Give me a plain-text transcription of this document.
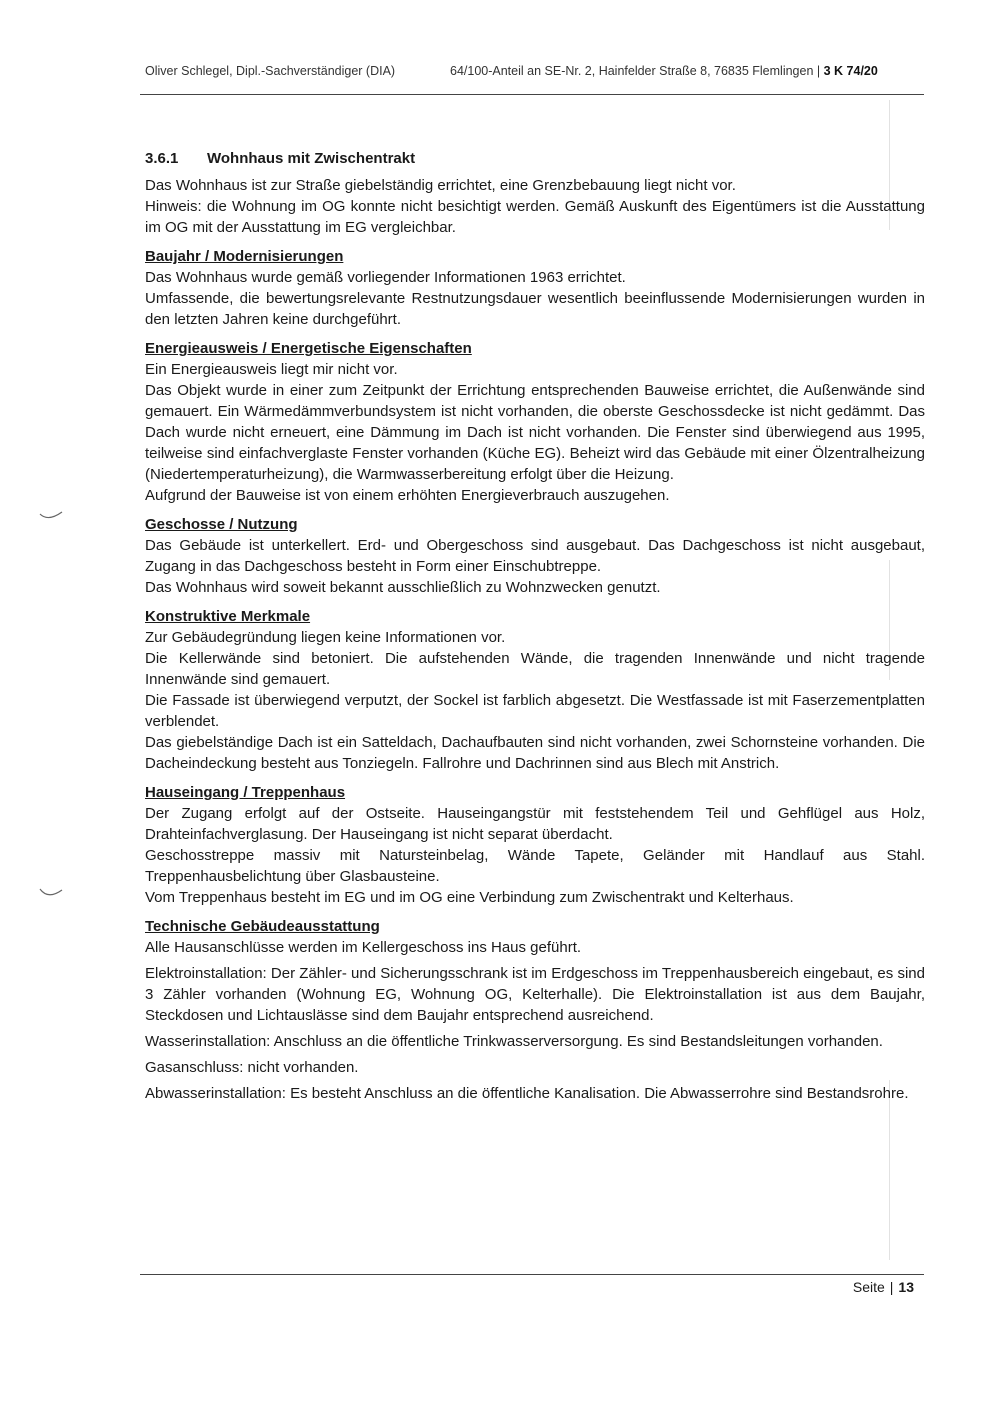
Oliver Schlegel, Dipl.-Sachverständiger (DIA)	64/100-Anteil an SE-Nr. 2, Hainfelder Straße 8, 76835 Flemlingen | 3 K 74/20
3.6.1 Wohnhaus mit Zwischentrakt

Das Wohnhaus ist zur Straße giebelständig errichtet, eine Grenzbebauung liegt nicht vor.

Hinweis: die Wohnung im OG konnte nicht besichtigt werden. Gemäß Auskunft des Eigentümers ist die Ausstattung im OG mit der Ausstattung im EG vergleichbar.

Baujahr / Modernisierungen

Das Wohnhaus wurde gemäß vorliegender Informationen 1963 errichtet.

Umfassende, die bewertungsrelevante Restnutzungsdauer wesentlich beeinflussende Modernisierungen wurden in den letzten Jahren keine durchgeführt.

Energieausweis / Energetische Eigenschaften

Ein Energieausweis liegt mir nicht vor.

Das Objekt wurde in einer zum Zeitpunkt der Errichtung entsprechenden Bauweise errichtet, die Außenwände sind gemauert. Ein Wärmedämmverbundsystem ist nicht vorhanden, die oberste Geschossdecke ist nicht gedämmt. Das Dach wurde nicht erneuert, eine Dämmung im Dach ist nicht vorhanden. Die Fenster sind überwiegend aus 1995, teilweise sind einfachverglaste Fenster vorhanden (Küche EG). Beheizt wird das Gebäude mit einer Ölzentralheizung (Niedertemperaturheizung), die Warmwasserbereitung erfolgt über die Heizung.

Aufgrund der Bauweise ist von einem erhöhten Energieverbrauch auszugehen.

Geschosse / Nutzung

Das Gebäude ist unterkellert. Erd- und Obergeschoss sind ausgebaut. Das Dachgeschoss ist nicht ausgebaut, Zugang in das Dachgeschoss besteht in Form einer Einschubtreppe.

Das Wohnhaus wird soweit bekannt ausschließlich zu Wohnzwecken genutzt.

Konstruktive Merkmale

Zur Gebäudegründung liegen keine Informationen vor.

Die Kellerwände sind betoniert. Die aufstehenden Wände, die tragenden Innenwände und nicht tragende Innenwände sind gemauert.

Die Fassade ist überwiegend verputzt, der Sockel ist farblich abgesetzt. Die Westfassade ist mit Faserzementplatten verblendet.

Das giebelständige Dach ist ein Satteldach, Dachaufbauten sind nicht vorhanden, zwei Schornsteine vorhanden. Die Dacheindeckung besteht aus Tonziegeln. Fallrohre und Dachrinnen sind aus Blech mit Anstrich.

Hauseingang / Treppenhaus

Der Zugang erfolgt auf der Ostseite. Hauseingangstür mit feststehendem Teil und Gehflügel aus Holz, Drahteinfachverglasung. Der Hauseingang ist nicht separat überdacht.

Geschosstreppe massiv mit Natursteinbelag, Wände Tapete, Geländer mit Handlauf aus Stahl. Treppenhausbelichtung über Glasbausteine.

Vom Treppenhaus besteht im EG und im OG eine Verbindung zum Zwischentrakt und Kelterhaus.

Technische Gebäudeausstattung

Alle Hausanschlüsse werden im Kellergeschoss ins Haus geführt.

Elektroinstallation: Der Zähler- und Sicherungsschrank ist im Erdgeschoss im Treppenhausbereich eingebaut, es sind 3 Zähler vorhanden (Wohnung EG, Wohnung OG, Kelterhalle). Die Elektroinstallation ist aus dem Baujahr, Steckdosen und Lichtauslässe sind dem Baujahr entsprechend ausreichend.

Wasserinstallation: Anschluss an die öffentliche Trinkwasserversorgung. Es sind Bestandsleitungen vorhanden.

Gasanschluss: nicht vorhanden.

Abwasserinstallation: Es besteht Anschluss an die öffentliche Kanalisation. Die Abwasserrohre sind Bestandsrohre.

Seite | 13
